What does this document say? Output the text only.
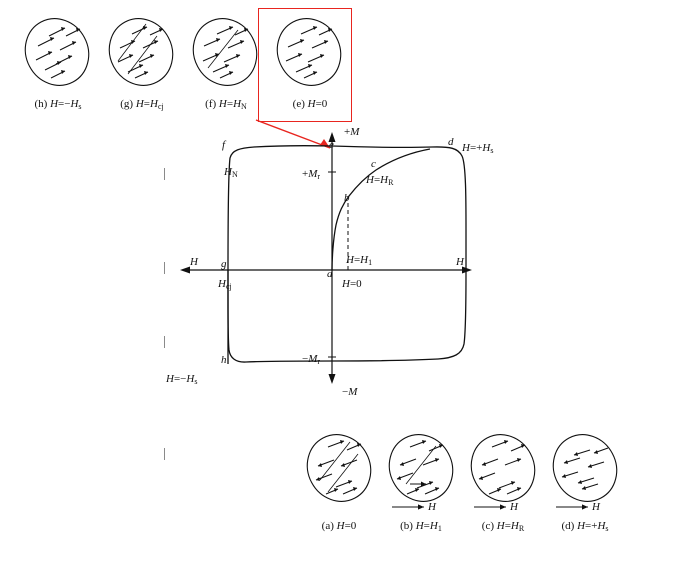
(h) $H=-H_s$	(g) $H=H_{cj}$	(f) $H=H_N$	(e) H=0
+M
−M
H
H
$+M_r$
$-M_r$
$H_N$
$H_{cj}$
f	e	d
c
b
a
g
h
$H=+H_s$
$H=H_R$
$H=H_1$
H=0
$H=-H_s$
(a) H=0
H
(b) $H=H_1$
H
(c) $H=H_R$
H
(d) $H=+H_s$
